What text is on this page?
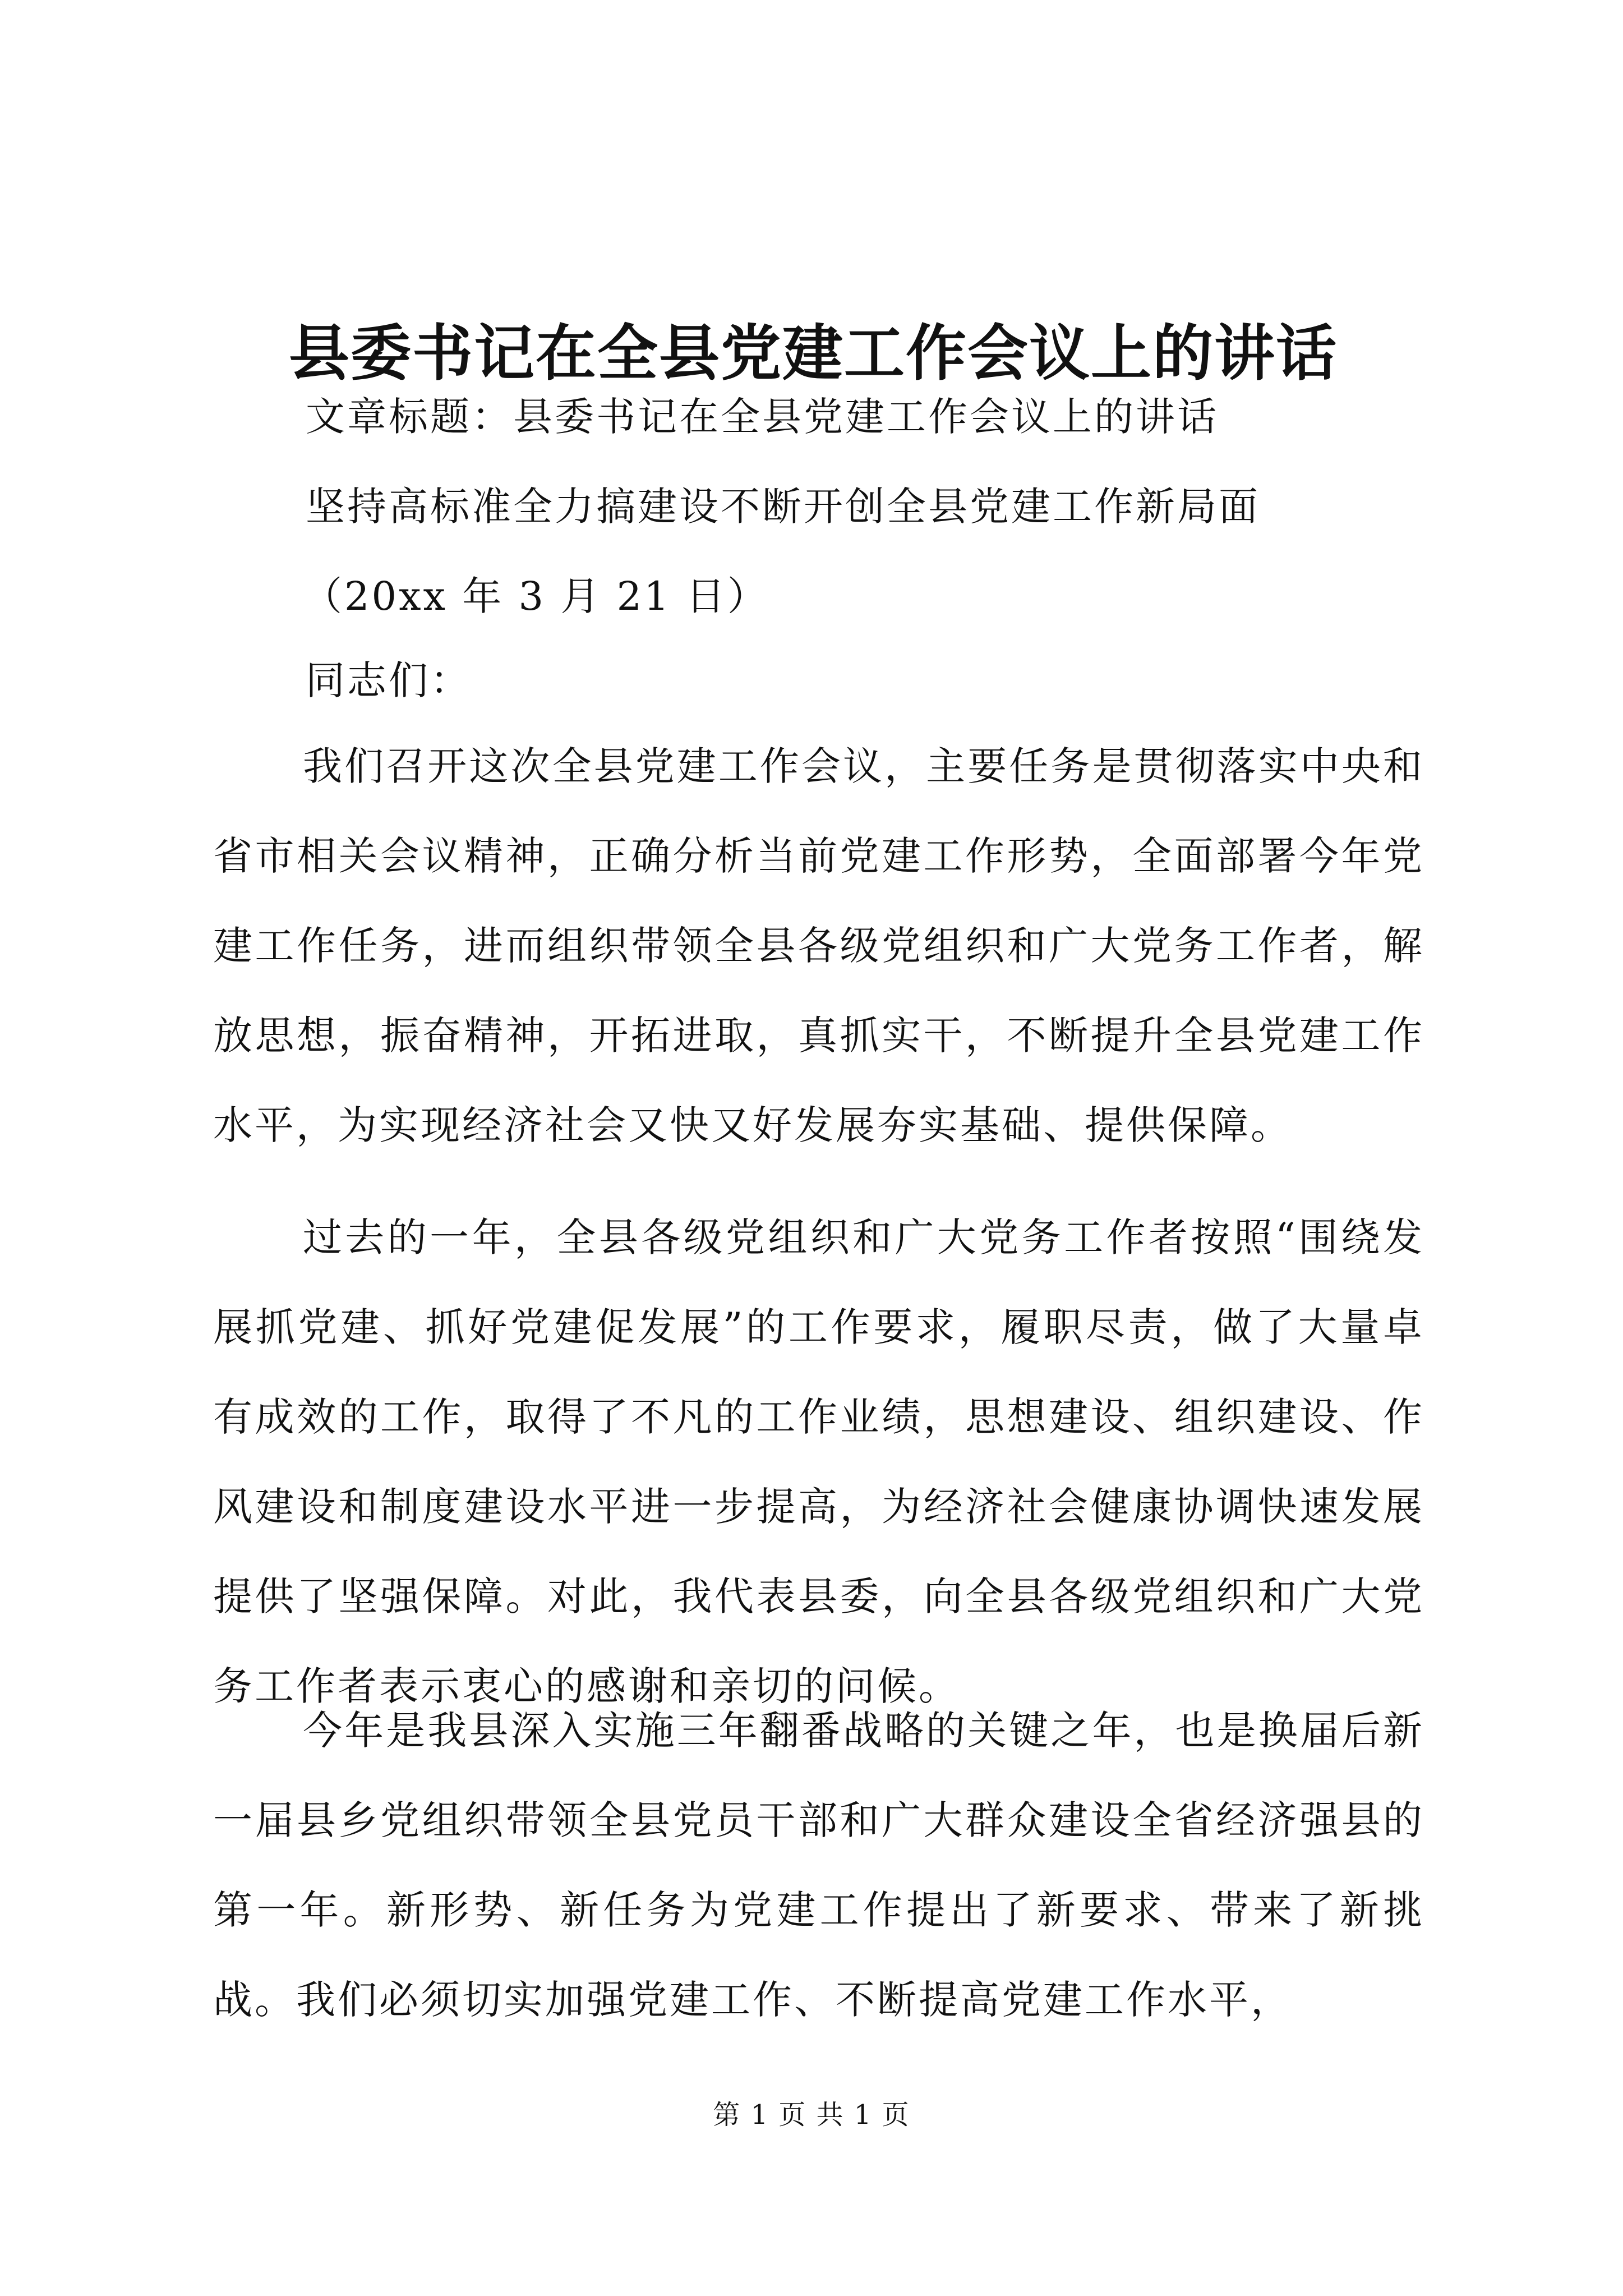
县委书记在全县党建工作会议上的讲话
文章标题：县委书记在全县党建工作会议上的讲话
坚持高标准全力搞建设不断开创全县党建工作新局面
（20xx 年 3 月 21 日）
同志们：

我们召开这次全县党建工作会议，主要任务是贯彻落实中央和省市相关会议精神，正确分析当前党建工作形势，全面部署今年党建工作任务，进而组织带领全县各级党组织和广大党务工作者，解放思想，振奋精神，开拓进取，真抓实干，不断提升全县党建工作水平，为实现经济社会又快又好发展夯实基础、提供保障。

过去的一年，全县各级党组织和广大党务工作者按照“围绕发展抓党建、抓好党建促发展”的工作要求，履职尽责，做了大量卓有成效的工作，取得了不凡的工作业绩，思想建设、组织建设、作风建设和制度建设水平进一步提高，为经济社会健康协调快速发展提供了坚强保障。对此，我代表县委，向全县各级党组织和广大党务工作者表示衷心的感谢和亲切的问候。

今年是我县深入实施三年翻番战略的关键之年，也是换届后新一届县乡党组织带领全县党员干部和广大群众建设全省经济强县的第一年。新形势、新任务为党建工作提出了新要求、带来了新挑战。我们必须切实加强党建工作、不断提高党建工作水平，

第 1 页 共 1 页
